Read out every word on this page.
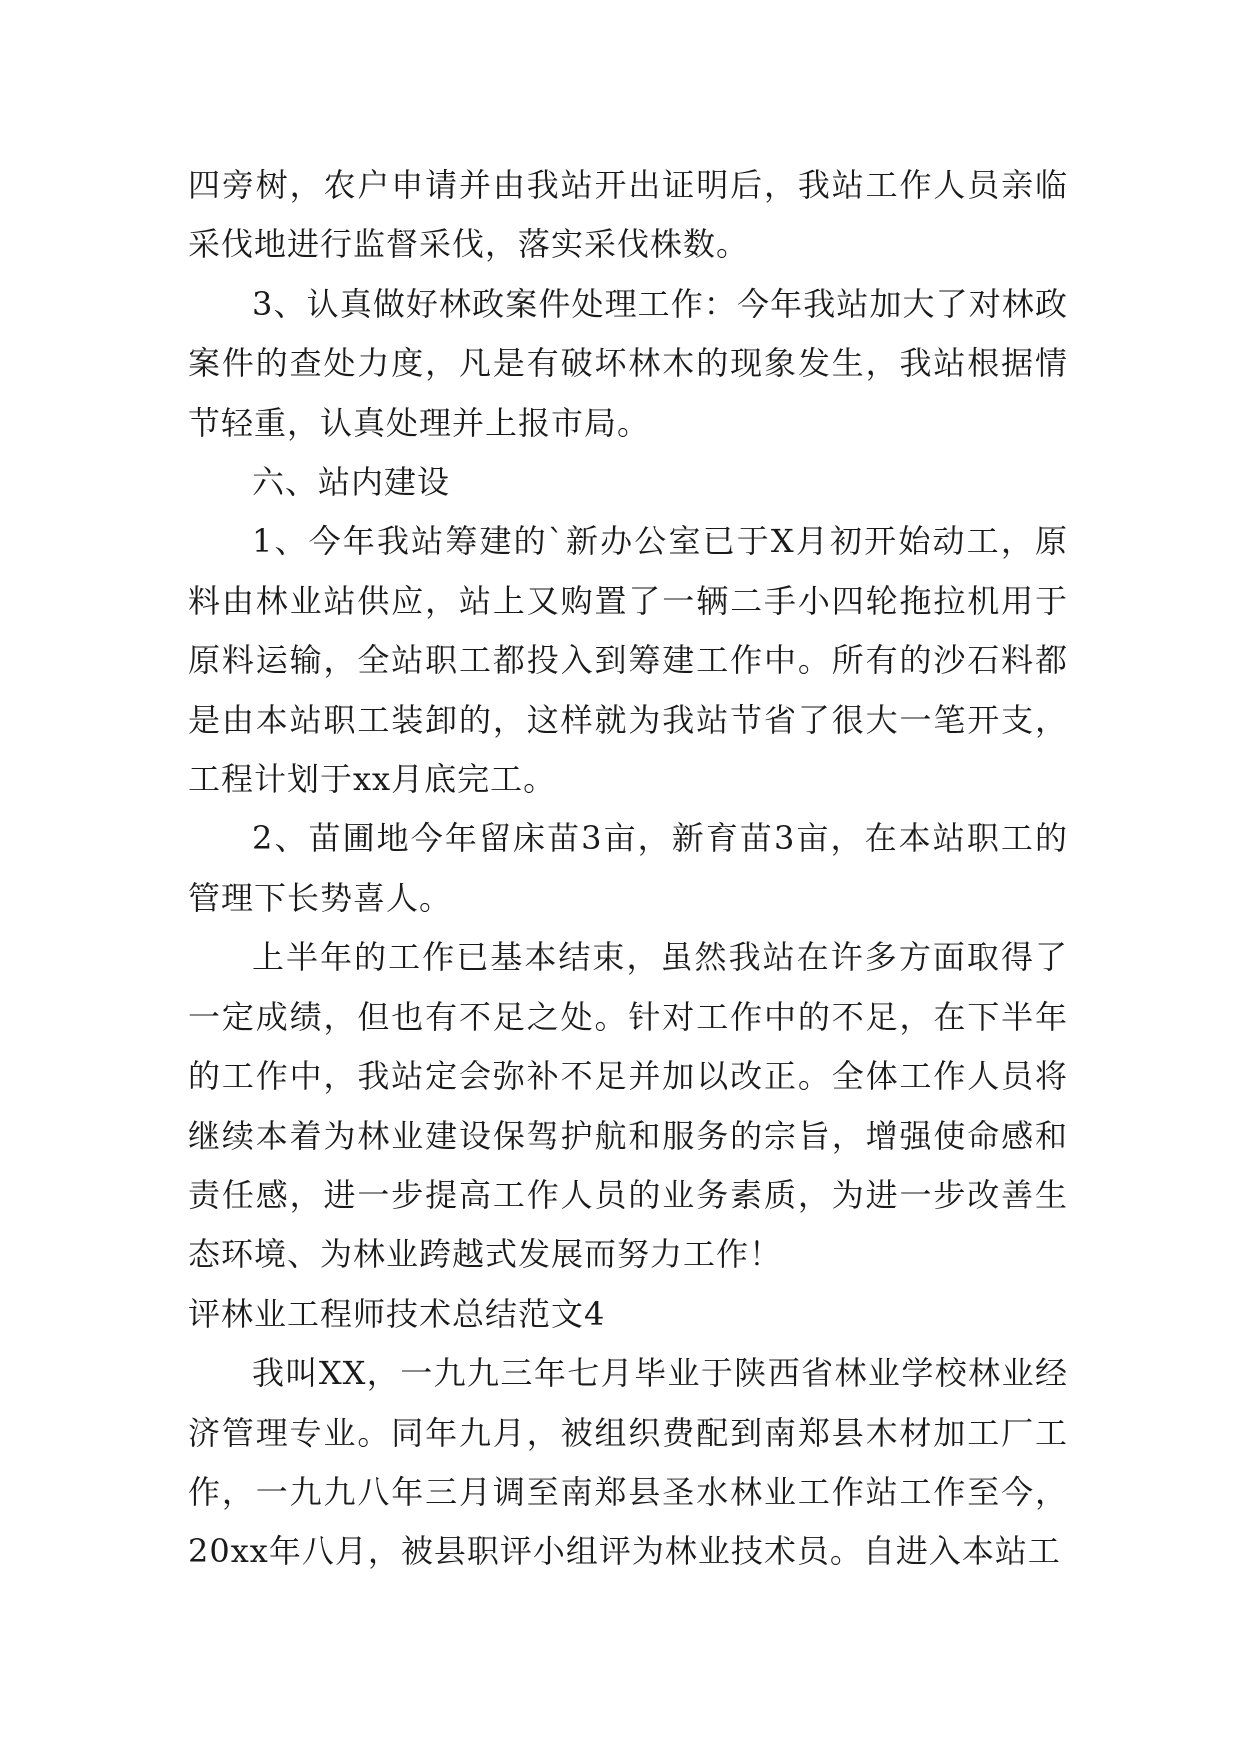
四旁树，农户申请并由我站开出证明后，我站工作人员亲临采伐地进行监督采伐，落实采伐株数。

3、认真做好林政案件处理工作：今年我站加大了对林政案件的查处力度，凡是有破坏林木的现象发生，我站根据情节轻重，认真处理并上报市局。

六、站内建设

1、今年我站筹建的`新办公室已于X月初开始动工，原料由林业站供应，站上又购置了一辆二手小四轮拖拉机用于原料运输，全站职工都投入到筹建工作中。所有的沙石料都是由本站职工装卸的，这样就为我站节省了很大一笔开支，工程计划于xx月底完工。

2、苗圃地今年留床苗3亩，新育苗3亩，在本站职工的管理下长势喜人。

上半年的工作已基本结束，虽然我站在许多方面取得了一定成绩，但也有不足之处。针对工作中的不足，在下半年的工作中，我站定会弥补不足并加以改正。全体工作人员将继续本着为林业建设保驾护航和服务的宗旨，增强使命感和责任感，进一步提高工作人员的业务素质，为进一步改善生态环境、为林业跨越式发展而努力工作！

评林业工程师技术总结范文4

我叫XX，一九九三年七月毕业于陕西省林业学校林业经济管理专业。同年九月，被组织费配到南郑县木材加工厂工作，一九九八年三月调至南郑县圣水林业工作站工作至今，20xx年八月，被县职评小组评为林业技术员。自进入本站工
